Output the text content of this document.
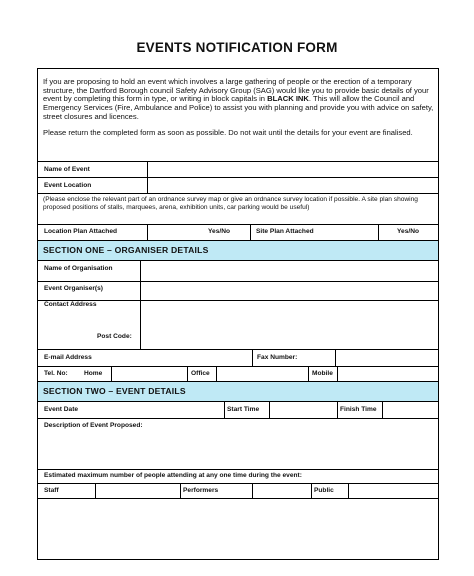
EVENTS NOTIFICATION FORM

If you are proposing to hold an event which involves a large gathering of people or the erection of a temporary structure, the Dartford Borough council Safety Advisory Group (SAG) would like you to provide basic details of your event by completing this form in type, or writing in block capitals in BLACK INK. This will allow the Council and Emergency Services (Fire, Ambulance and Police) to assist you with planning and provide you with advice on safety, street closures and licences.

Please return the completed form as soon as possible. Do not wait until the details for your event are finalised.

Name of Event
Event Location
(Please enclose the relevant part of an ordnance survey map or give an ordnance survey location if possible. A site plan showing proposed positions of stalls, marquees, arena, exhibition units, car parking would be useful)
Location Plan Attached	Yes/No	Site Plan Attached	Yes/No
SECTION ONE – ORGANISER DETAILS
Name of Organisation
Event Organiser(s)
Contact Address
Post Code:
E-mail Address	Fax Number:
Tel. No: Home	Office	Mobile
SECTION TWO – EVENT DETAILS
Event Date	Start Time	Finish Time
Description of Event Proposed:
Estimated maximum number of people attending at any one time during the event:
Staff	Performers	Public
